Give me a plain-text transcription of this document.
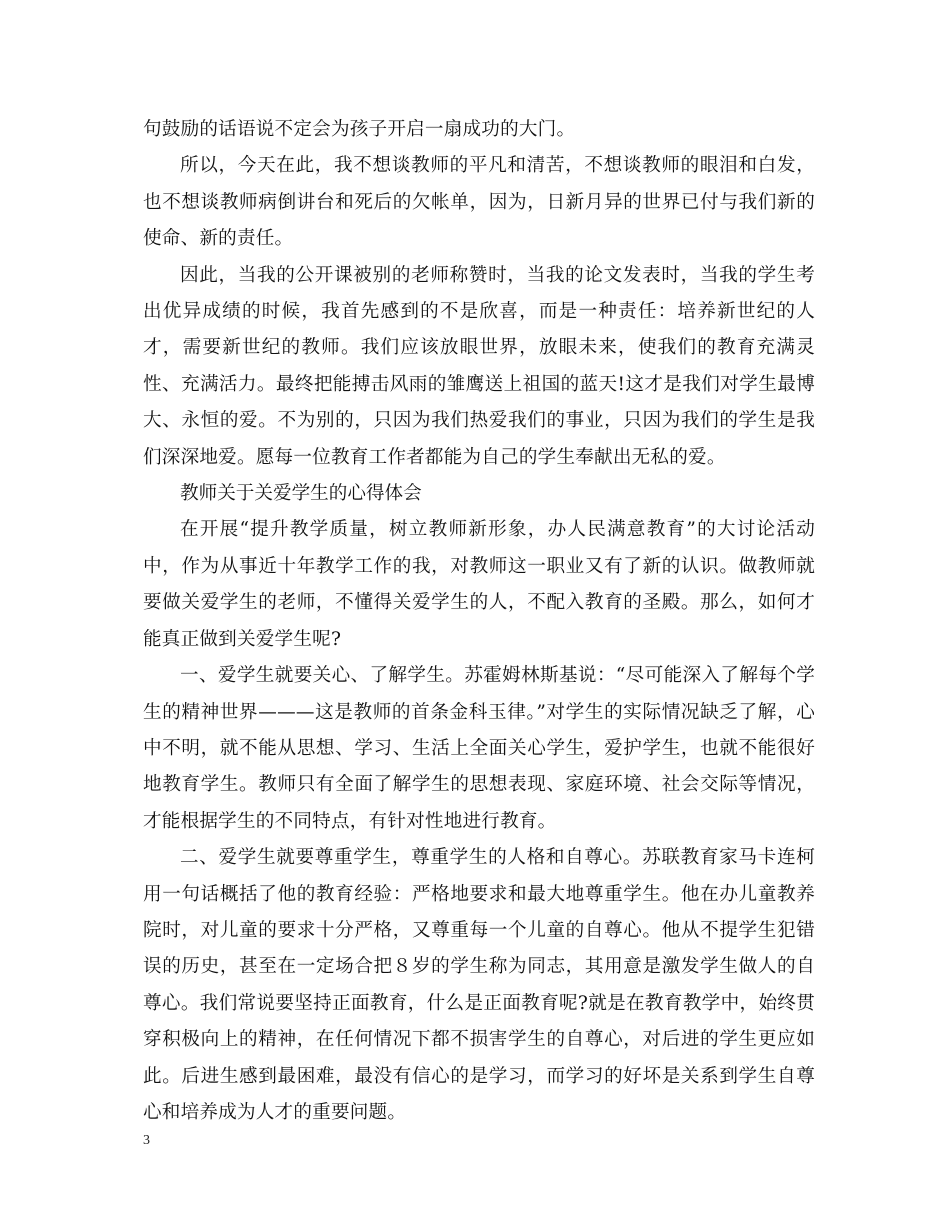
句鼓励的话语说不定会为孩子开启一扇成功的大门。

所以，今天在此，我不想谈教师的平凡和清苦，不想谈教师的眼泪和白发，也不想谈教师病倒讲台和死后的欠帐单，因为，日新月异的世界已付与我们新的使命、新的责任。

因此，当我的公开课被别的老师称赞时，当我的论文发表时，当我的学生考出优异成绩的时候，我首先感到的不是欣喜，而是一种责任：培养新世纪的人才，需要新世纪的教师。我们应该放眼世界，放眼未来，使我们的教育充满灵性、充满活力。最终把能搏击风雨的雏鹰送上祖国的蓝天!这才是我们对学生最博大、永恒的爱。不为别的，只因为我们热爱我们的事业，只因为我们的学生是我们深深地爱。愿每一位教育工作者都能为自己的学生奉献出无私的爱。

教师关于关爱学生的心得体会

在开展“提升教学质量，树立教师新形象，办人民满意教育”的大讨论活动中，作为从事近十年教学工作的我，对教师这一职业又有了新的认识。做教师就要做关爱学生的老师，不懂得关爱学生的人，不配入教育的圣殿。那么，如何才能真正做到关爱学生呢?

一、爱学生就要关心、了解学生。苏霍姆林斯基说：“尽可能深入了解每个学生的精神世界———这是教师的首条金科玉律。”对学生的实际情况缺乏了解，心中不明，就不能从思想、学习、生活上全面关心学生，爱护学生，也就不能很好地教育学生。教师只有全面了解学生的思想表现、家庭环境、社会交际等情况，才能根据学生的不同特点，有针对性地进行教育。

二、爱学生就要尊重学生，尊重学生的人格和自尊心。苏联教育家马卡连柯用一句话概括了他的教育经验：严格地要求和最大地尊重学生。他在办儿童教养院时，对儿童的要求十分严格，又尊重每一个儿童的自尊心。他从不提学生犯错误的历史，甚至在一定场合把８岁的学生称为同志，其用意是激发学生做人的自尊心。我们常说要坚持正面教育，什么是正面教育呢?就是在教育教学中，始终贯穿积极向上的精神，在任何情况下都不损害学生的自尊心，对后进的学生更应如此。后进生感到最困难，最没有信心的是学习，而学习的好坏是关系到学生自尊心和培养成为人才的重要问题。

3
